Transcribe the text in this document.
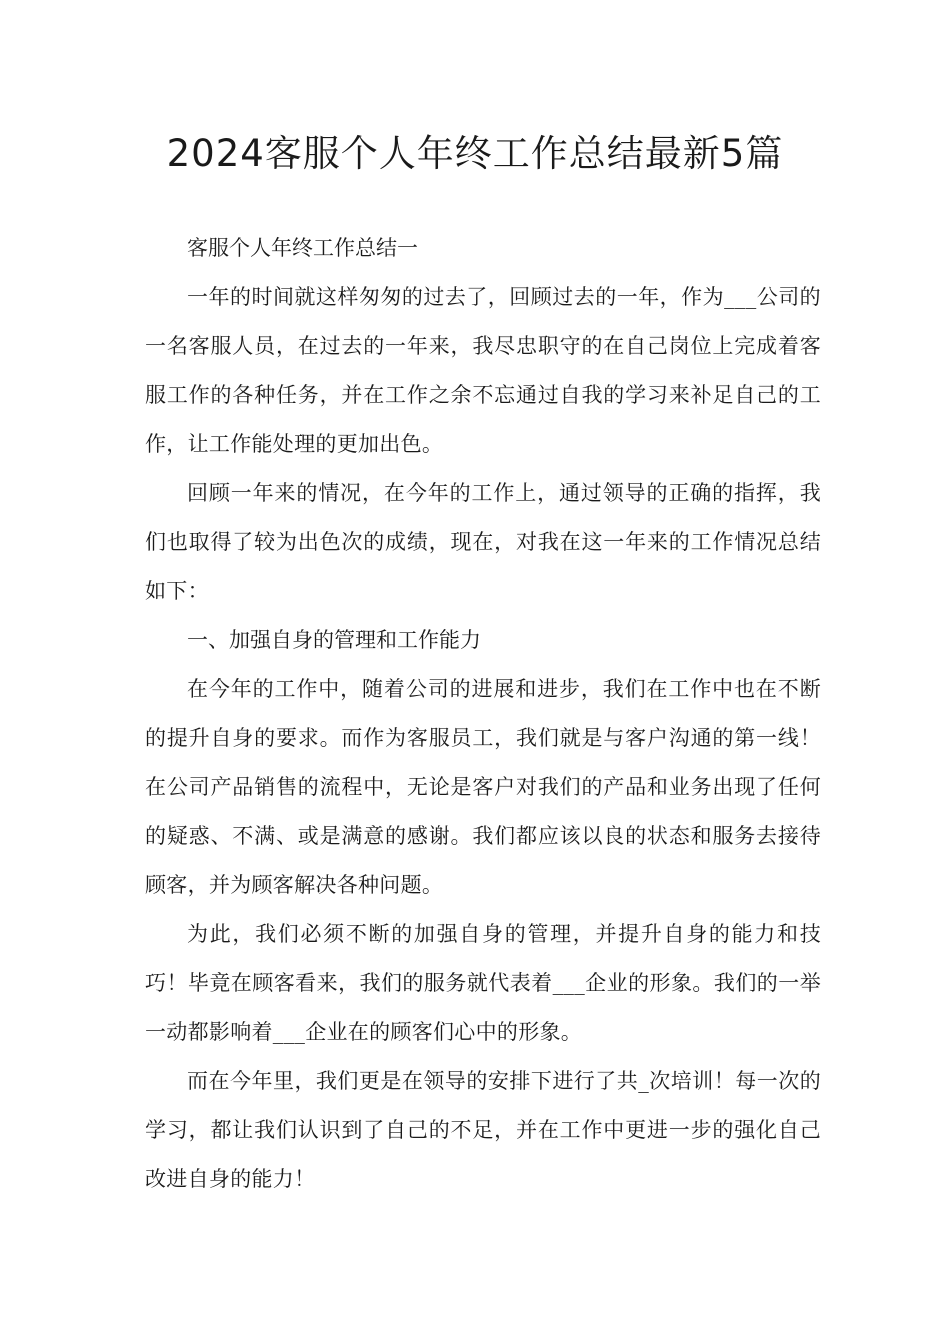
2024客服个人年终工作总结最新5篇

客服个人年终工作总结一

一年的时间就这样匆匆的过去了，回顾过去的一年，作为___公司的一名客服人员，在过去的一年来，我尽忠职守的在自己岗位上完成着客服工作的各种任务，并在工作之余不忘通过自我的学习来补足自己的工作，让工作能处理的更加出色。

回顾一年来的情况，在今年的工作上，通过领导的正确的指挥，我们也取得了较为出色次的成绩，现在，对我在这一年来的工作情况总结如下：

一、加强自身的管理和工作能力

在今年的工作中，随着公司的进展和进步，我们在工作中也在不断的提升自身的要求。而作为客服员工，我们就是与客户沟通的第一线！在公司产品销售的流程中，无论是客户对我们的产品和业务出现了任何的疑惑、不满、或是满意的感谢。我们都应该以良的状态和服务去接待顾客，并为顾客解决各种问题。

为此，我们必须不断的加强自身的管理，并提升自身的能力和技巧！毕竟在顾客看来，我们的服务就代表着___企业的形象。我们的一举一动都影响着___企业在的顾客们心中的形象。

而在今年里，我们更是在领导的安排下进行了共_次培训！每一次的学习，都让我们认识到了自己的不足，并在工作中更进一步的强化自己改进自身的能力！
